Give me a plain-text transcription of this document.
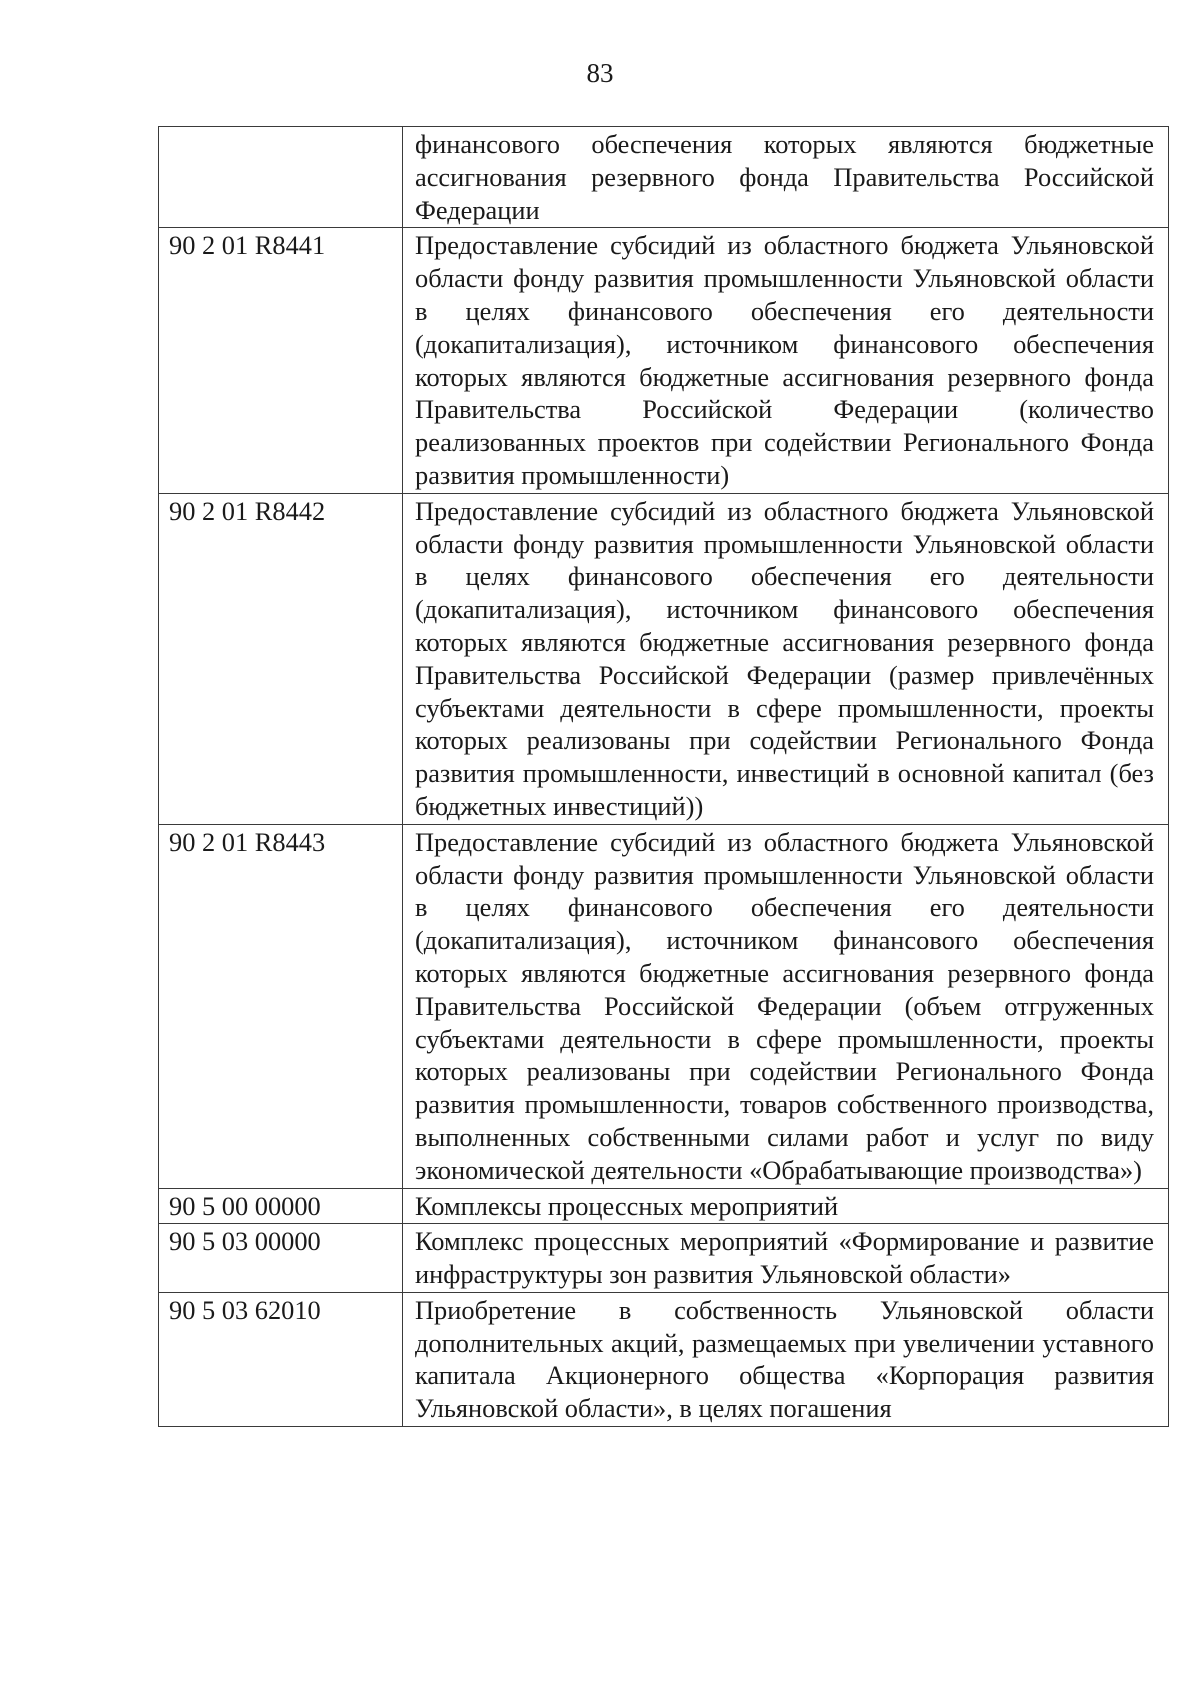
83
	финансового обеспечения которых являются бюджетные ассигнования резервного фонда Правительства Российской Федерации
90 2 01 R8441	Предоставление субсидий из областного бюджета Ульяновской области фонду развития промышленности Ульяновской области в целях финансового обеспечения его деятельности (докапитализация), источником финансового обеспечения которых являются бюджетные ассигнования резервного фонда Правительства Российской Федерации (количество реализованных проектов при содействии Регионального Фонда развития промышленности)
90 2 01 R8442	Предоставление субсидий из областного бюджета Ульяновской области фонду развития промышленности Ульяновской области в целях финансового обеспечения его деятельности (докапитализация), источником финансового обеспечения которых являются бюджетные ассигнования резервного фонда Правительства Российской Федерации (размер привлечённых субъектами деятельности в сфере промышленности, проекты которых реализованы при содействии Регионального Фонда развития промышленности, инвестиций в основной капитал (без бюджетных инвестиций))
90 2 01 R8443	Предоставление субсидий из областного бюджета Ульяновской области фонду развития промышленности Ульяновской области в целях финансового обеспечения его деятельности (докапитализация), источником финансового обеспечения которых являются бюджетные ассигнования резервного фонда Правительства Российской Федерации (объем отгруженных субъектами деятельности в сфере промышленности, проекты которых реализованы при содействии Регионального Фонда развития промышленности, товаров собственного производства, выполненных собственными силами работ и услуг по виду экономической деятельности «Обрабатывающие производства»)
90 5 00 00000	Комплексы процессных мероприятий
90 5 03 00000	Комплекс процессных мероприятий «Формирование и развитие инфраструктуры зон развития Ульяновской области»
90 5 03 62010	Приобретение в собственность Ульяновской области дополнительных акций, размещаемых при увеличении уставного капитала Акционерного общества «Корпорация развития Ульяновской области», в целях погашения
